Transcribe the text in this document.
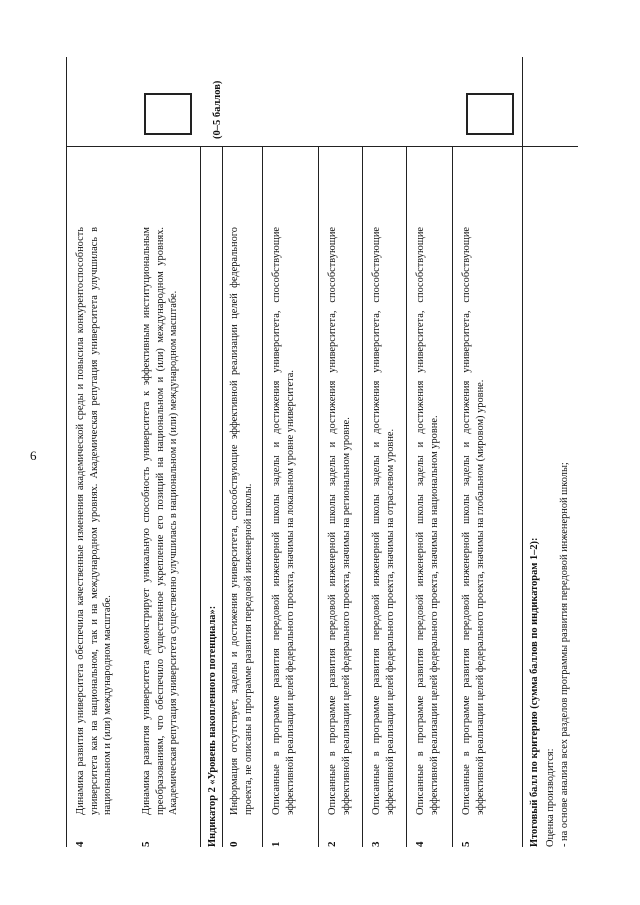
6
4
Динамика развития университета обеспечила качественные изменения академической среды и повысила конкурентоспособность университета как на национальном, так и на международном уровнях. Академическая репутация университета улучшилась в национальном и (или) международном масштабе.
5
Динамика развития университета демонстрирует уникальную способность университета к эффективным институциональным преобразованиям, что обеспечило существенное укрепление его позиций на национальном и (или) международном уровнях. Академическая репутация университета существенно улучшилась в национальном и (или) международном масштабе.	Индикатор 2 «Уровень накопленного потенциала»:
(0–5 баллов)
0
Информация отсутствует, заделы и достижения университета, способствующие эффективной реализации целей федерального проекта, не описаны в программе развития передовой инженерной школы.
1
Описанные в программе развития передовой инженерной школы заделы и достижения университета, способствующие эффективной реализации целей федерального проекта, значимы на локальном уровне университета.
2
Описанные в программе развития передовой инженерной школы заделы и достижения университета, способствующие эффективной реализации целей федерального проекта, значимы на региональном уровне.
3
Описанные в программе развития передовой инженерной школы заделы и достижения университета, способствующие эффективной реализации целей федерального проекта, значимы на отраслевом уровне.
4
Описанные в программе развития передовой инженерной школы заделы и достижения университета, способствующие эффективной реализации целей федерального проекта, значимы на национальном уровне.
5
Описанные в программе развития передовой инженерной школы заделы и достижения университета, способствующие эффективной реализации целей федерального проекта, значимы на глобальном (мировом) уровне.	Итоговый балл по критерию (сумма баллов по индикаторам 1–2): Оценка производится: - на основе анализа всех разделов программы развития передовой инженерной школы;
